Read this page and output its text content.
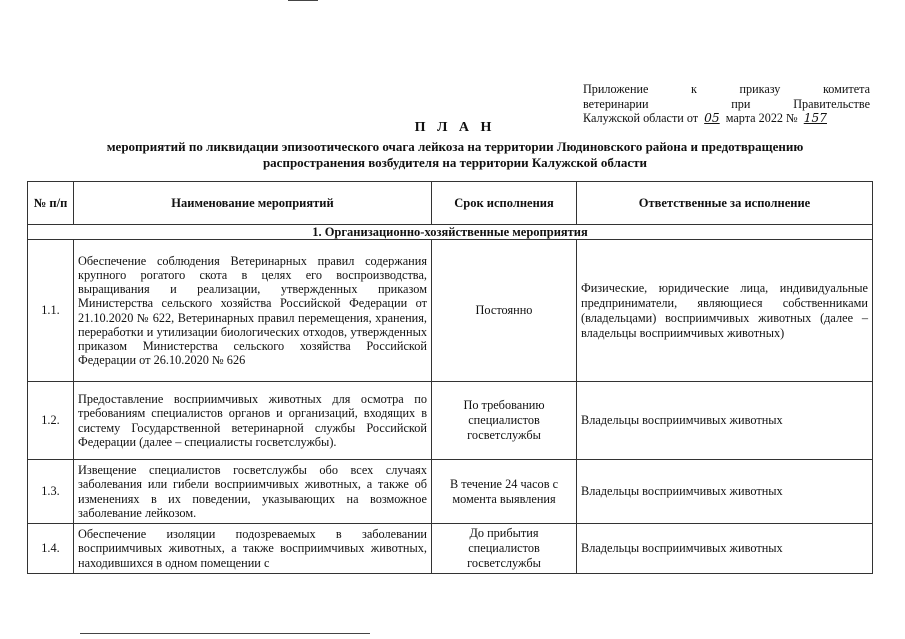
Приложение	к	приказу	комитета
ветеринарии	при	Правительстве
Калужской области от 05 марта 2022 № 157
П Л А Н
мероприятий по ликвидации эпизоотического очага лейкоза на территории Людиновского района и предотвращению
распространения возбудителя на территории Калужской области
№ п/п	Наименование мероприятий	Срок исполнения	Ответственные за исполнение
1. Организационно-хозяйственные мероприятия			
1.1.	Обеспечение соблюдения Ветеринарных правил содержания крупного рогатого скота в целях его воспроизводства, выращивания и реализации, утвержденных приказом Министерства сельского хозяйства Российской Федерации от 21.10.2020 № 622, Ветеринарных правил перемещения, хранения, переработки и утилизации биологических отходов, утвержденных приказом Министерства сельского хозяйства Российской Федерации от 26.10.2020 № 626	Постоянно	Физические, юридические лица, индивидуальные предприниматели, являющиеся собственниками (владельцами) восприимчивых животных (далее – владельцы восприимчивых животных)
1.2.	Предоставление восприимчивых животных для осмотра по требованиям специалистов органов и организаций, входящих в систему Государственной ветеринарной службы Российской Федерации (далее – специалисты госветслужбы).	По требованию специалистов госветслужбы	Владельцы восприимчивых животных
1.3.	Извещение специалистов госветслужбы обо всех случаях заболевания или гибели восприимчивых животных, а также об изменениях в их поведении, указывающих на возможное заболевание лейкозом.	В течение 24 часов с момента выявления	Владельцы восприимчивых животных
1.4.	Обеспечение изоляции подозреваемых в заболевании восприимчивых животных, а также восприимчивых животных, находившихся в одном помещении с	До прибытия специалистов госветслужбы	Владельцы восприимчивых животных
